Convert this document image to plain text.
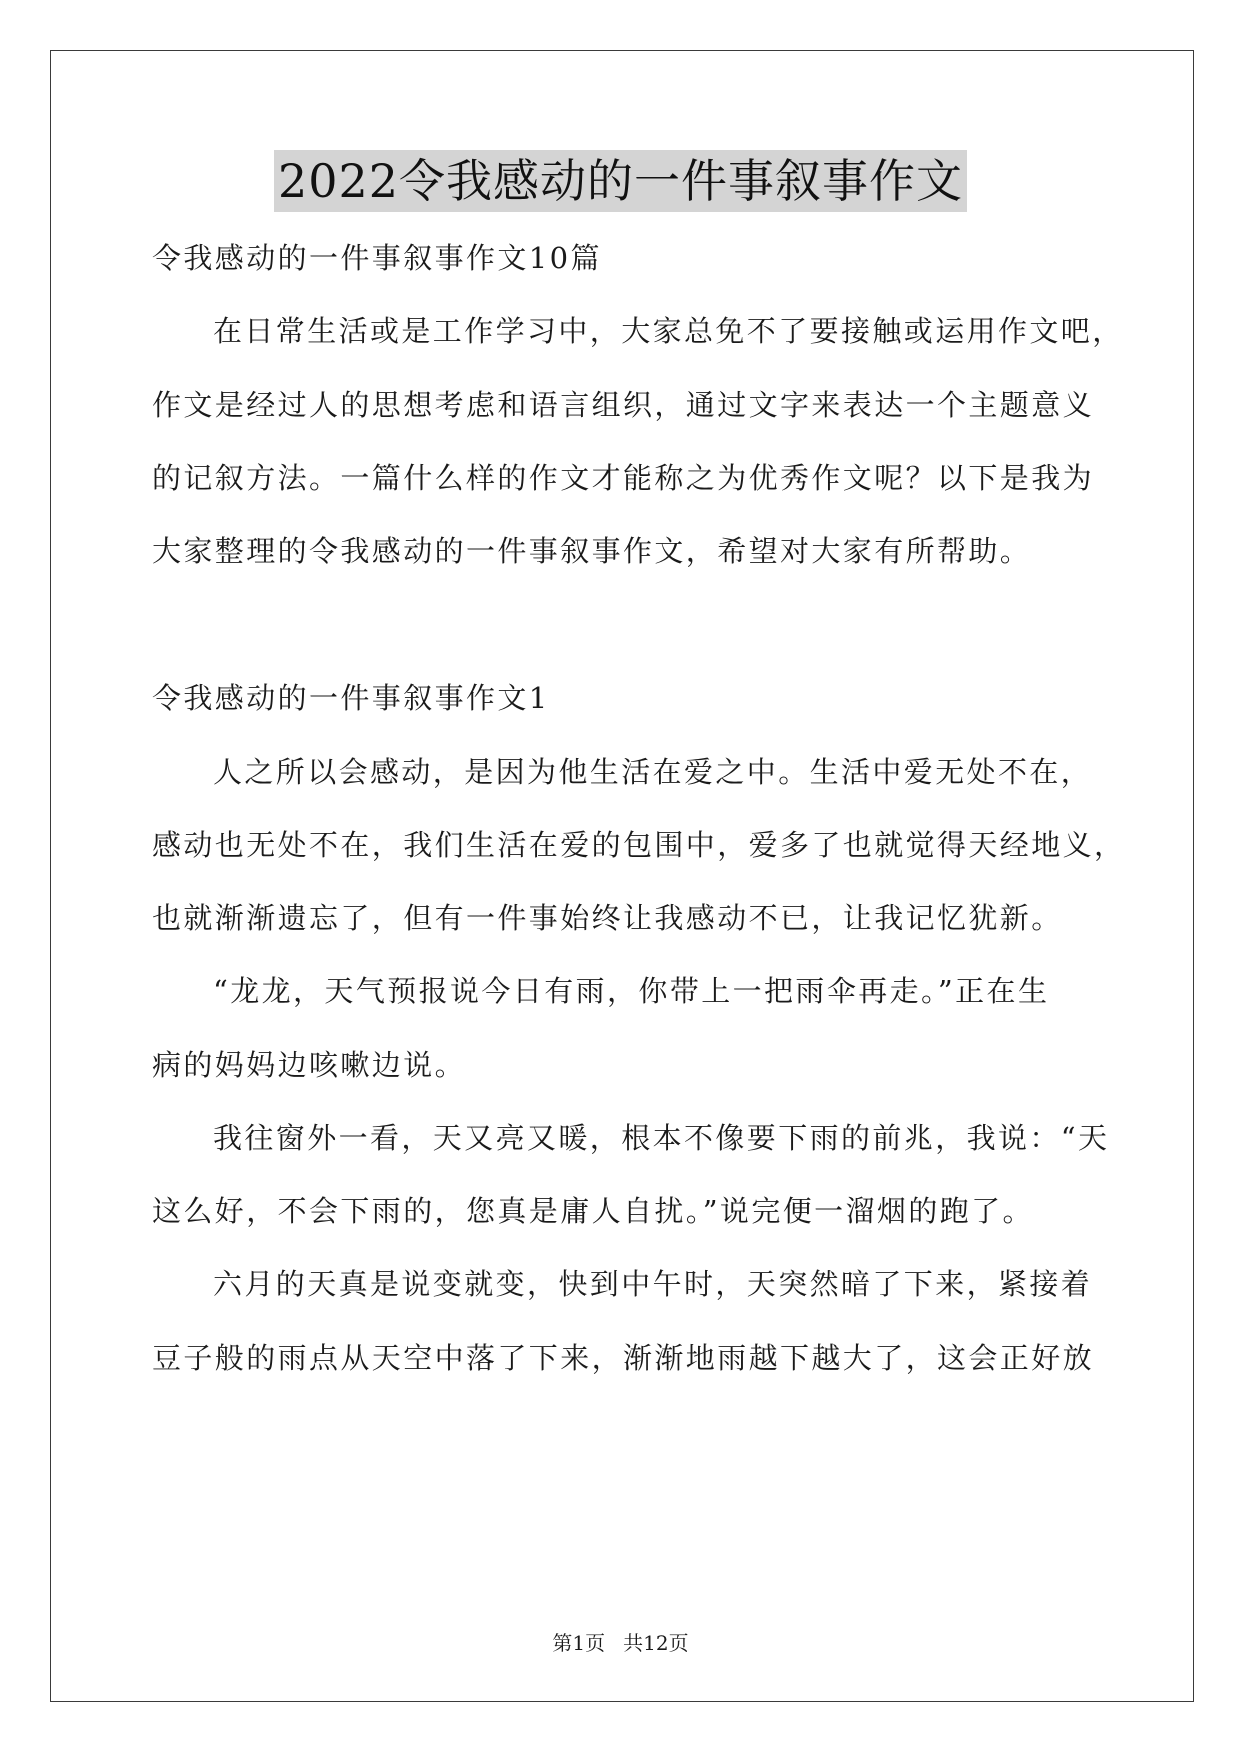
2022令我感动的一件事叙事作文
令我感动的一件事叙事作文10篇
在日常生活或是工作学习中，大家总免不了要接触或运用作文吧，
作文是经过人的思想考虑和语言组织，通过文字来表达一个主题意义
的记叙方法。一篇什么样的作文才能称之为优秀作文呢？以下是我为
大家整理的令我感动的一件事叙事作文，希望对大家有所帮助。
令我感动的一件事叙事作文1
人之所以会感动，是因为他生活在爱之中。生活中爱无处不在，
感动也无处不在，我们生活在爱的包围中，爱多了也就觉得天经地义，
也就渐渐遗忘了，但有一件事始终让我感动不已，让我记忆犹新。
“龙龙，天气预报说今日有雨，你带上一把雨伞再走。”正在生
病的妈妈边咳嗽边说。
我往窗外一看，天又亮又暖，根本不像要下雨的前兆，我说：“天
这么好，不会下雨的，您真是庸人自扰。”说完便一溜烟的跑了。
六月的天真是说变就变，快到中午时，天突然暗了下来，紧接着
豆子般的雨点从天空中落了下来，渐渐地雨越下越大了，这会正好放
第1页 共12页
